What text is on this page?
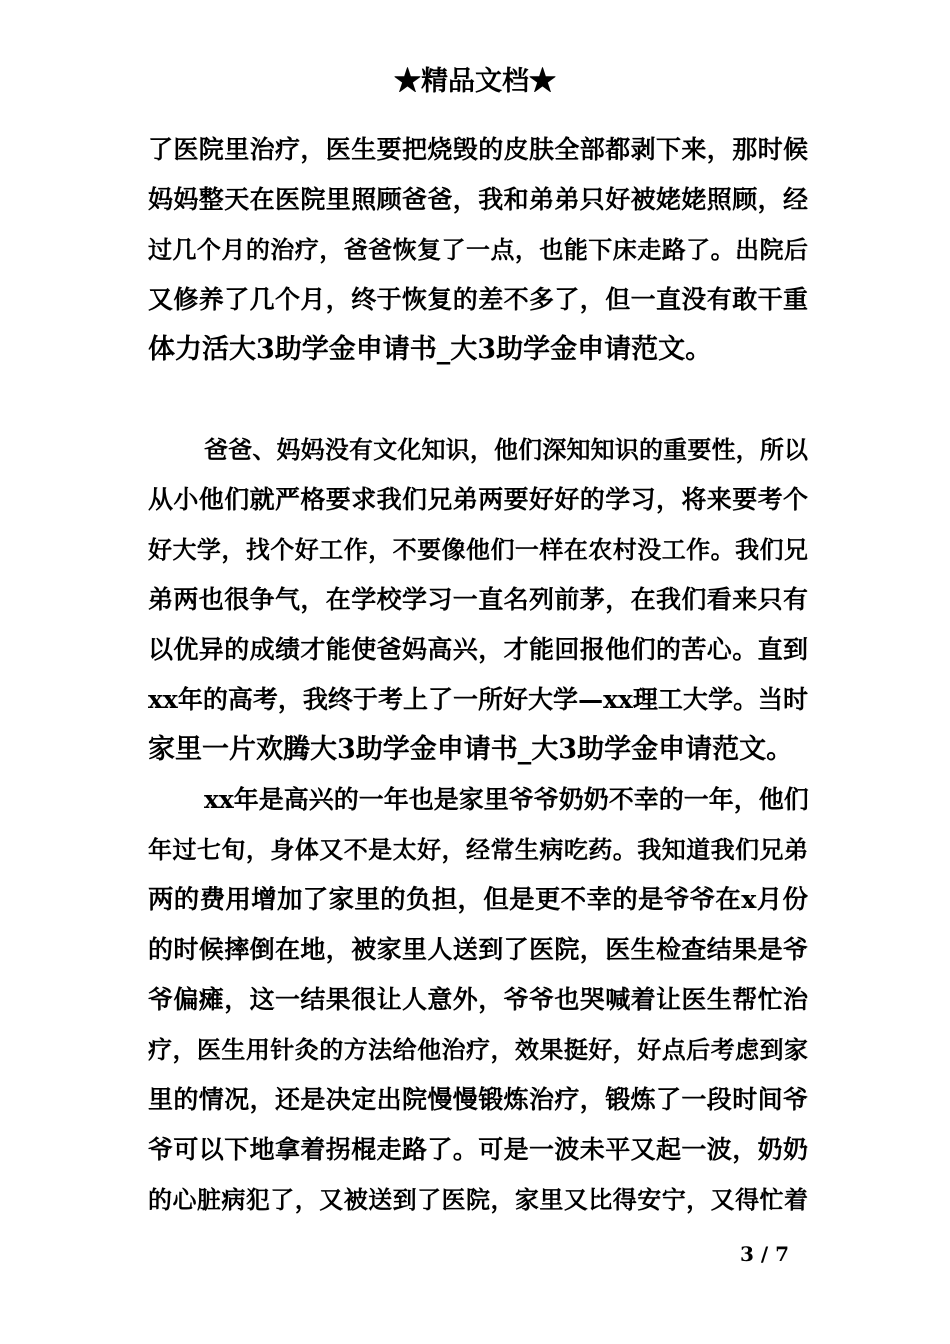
★精品文档★
了医院里治疗，医生要把烧毁的皮肤全部都剥下来，那时候
妈妈整天在医院里照顾爸爸，我和弟弟只好被姥姥照顾，经
过几个月的治疗，爸爸恢复了一点，也能下床走路了。出院后
又修养了几个月，终于恢复的差不多了，但一直没有敢干重
体力活大3助学金申请书_大3助学金申请范文。
爸爸、妈妈没有文化知识，他们深知知识的重要性，所以
从小他们就严格要求我们兄弟两要好好的学习，将来要考个
好大学，找个好工作，不要像他们一样在农村没工作。我们兄
弟两也很争气，在学校学习一直名列前茅，在我们看来只有
以优异的成绩才能使爸妈高兴，才能回报他们的苦心。直到
xx年的高考，我终于考上了一所好大学—xx理工大学。当时
家里一片欢腾大3助学金申请书_大3助学金申请范文。
xx年是高兴的一年也是家里爷爷奶奶不幸的一年，他们
年过七旬，身体又不是太好，经常生病吃药。我知道我们兄弟
两的费用增加了家里的负担，但是更不幸的是爷爷在x月份
的时候摔倒在地，被家里人送到了医院，医生检查结果是爷
爷偏瘫，这一结果很让人意外，爷爷也哭喊着让医生帮忙治
疗，医生用针灸的方法给他治疗，效果挺好，好点后考虑到家
里的情况，还是决定出院慢慢锻炼治疗，锻炼了一段时间爷
爷可以下地拿着拐棍走路了。可是一波未平又起一波，奶奶
的心脏病犯了，又被送到了医院，家里又比得安宁，又得忙着
3 / 7
